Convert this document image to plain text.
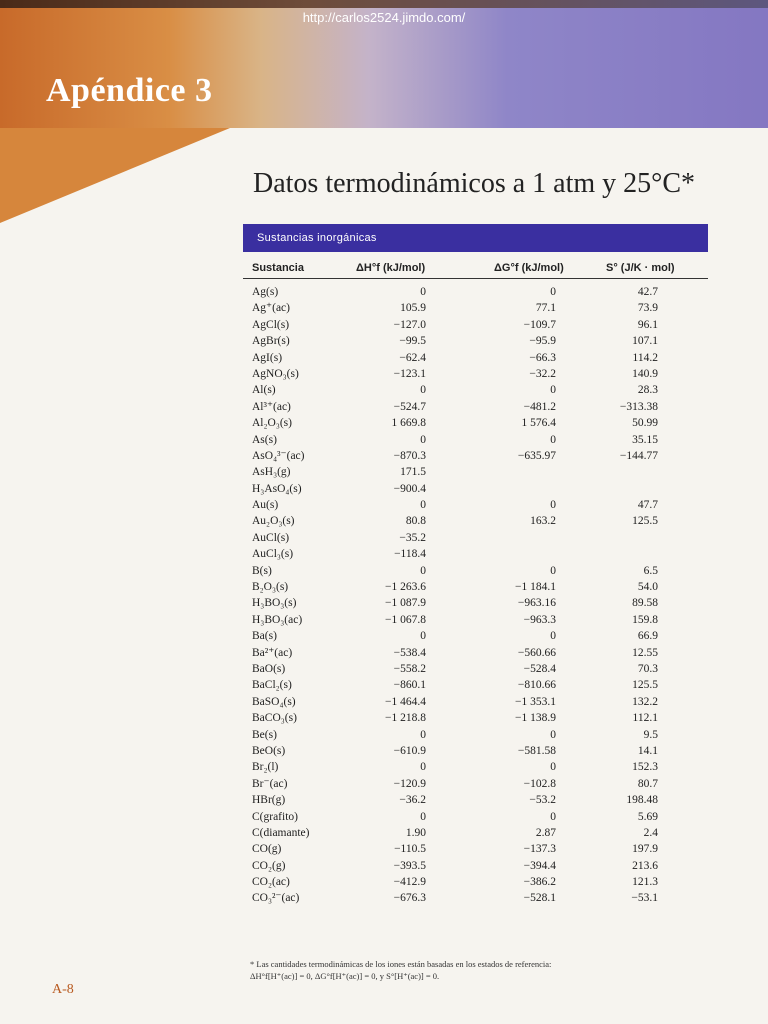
http://carlos2524.jimdo.com/
Apéndice 3
Datos termodinámicos a 1 atm y 25°C*
Sustancias inorgánicas
Sustancia	ΔH°f (kJ/mol)	ΔG°f (kJ/mol)	S° (J/K · mol)
Ag(s)	0	0	42.7
Ag⁺(ac)	105.9	77.1	73.9
AgCl(s)	−127.0	−109.7	96.1
AgBr(s)	−99.5	−95.9	107.1
AgI(s)	−62.4	−66.3	114.2
AgNO₃(s)	−123.1	−32.2	140.9
Al(s)	0	0	28.3
Al³⁺(ac)	−524.7	−481.2	−313.38
Al₂O₃(s)	1 669.8	1 576.4	50.99
As(s)	0	0	35.15
AsO₄³⁻(ac)	−870.3	−635.97	−144.77
AsH₃(g)	171.5
H₃AsO₄(s)	−900.4
Au(s)	0	0	47.7
Au₂O₃(s)	80.8	163.2	125.5
AuCl(s)	−35.2
AuCl₃(s)	−118.4
B(s)	0	0	6.5
B₂O₃(s)	−1 263.6	−1 184.1	54.0
H₃BO₃(s)	−1 087.9	−963.16	89.58
H₃BO₃(ac)	−1 067.8	−963.3	159.8
Ba(s)	0	0	66.9
Ba²⁺(ac)	−538.4	−560.66	12.55
BaO(s)	−558.2	−528.4	70.3
BaCl₂(s)	−860.1	−810.66	125.5
BaSO₄(s)	−1 464.4	−1 353.1	132.2
BaCO₃(s)	−1 218.8	−1 138.9	112.1
Be(s)	0	0	9.5
BeO(s)	−610.9	−581.58	14.1
Br₂(l)	0	0	152.3
Br⁻(ac)	−120.9	−102.8	80.7
HBr(g)	−36.2	−53.2	198.48
C(grafito)	0	0	5.69
C(diamante)	1.90	2.87	2.4
CO(g)	−110.5	−137.3	197.9
CO₂(g)	−393.5	−394.4	213.6
CO₂(ac)	−412.9	−386.2	121.3
CO₃²⁻(ac)	−676.3	−528.1	−53.1
* Las cantidades termodinámicas de los iones están basadas en los estados de referencia:
ΔH°f[H⁺(ac)] = 0, ΔG°f[H⁺(ac)] = 0, y S°[H⁺(ac)] = 0.
A-8
